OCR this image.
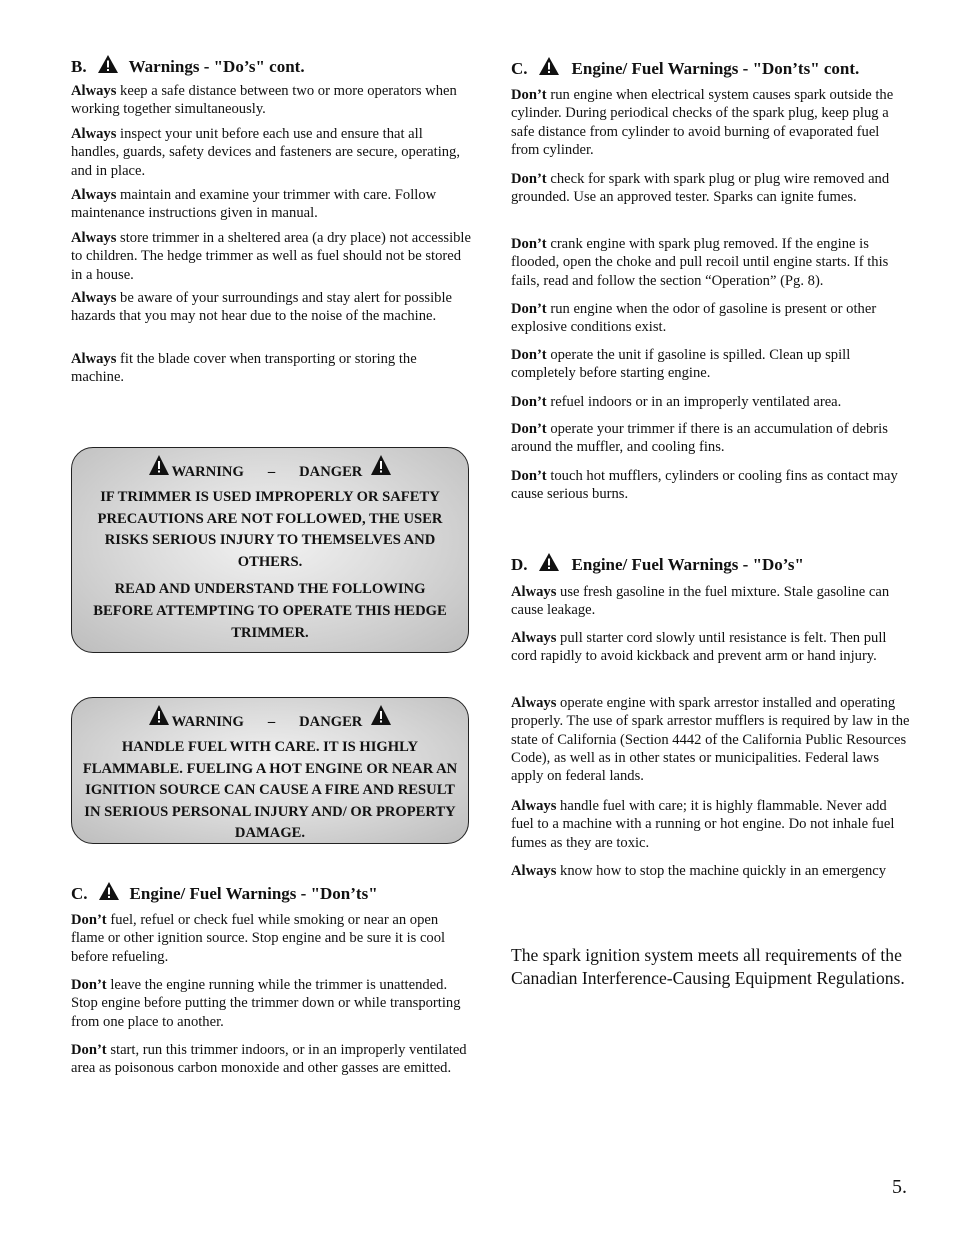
B. Warnings - "Do’s" cont.

Always keep a safe distance between two or more operators when working together simultaneously.

Always inspect your unit before each use and ensure that all handles, guards, safety devices and fasteners are secure, operating, and in place.

Always maintain and examine your trimmer with care. Follow maintenance instructions given in manual.

Always store trimmer in a sheltered area (a dry place) not accessible to children. The hedge trimmer as well as fuel should not be stored in a house.

Always be aware of your surroundings and stay alert for possible hazards that you may not hear due to the noise of the machine.

Always fit the blade cover when transporting or storing the machine.

WARNING – DANGER

IF TRIMMER IS USED IMPROPERLY OR SAFETY PRECAUTIONS ARE NOT FOLLOWED, THE USER RISKS SERIOUS INJURY TO THEMSELVES AND OTHERS.

READ AND UNDERSTAND THE FOLLOWING BEFORE ATTEMPTING TO OPERATE THIS HEDGE TRIMMER.

WARNING – DANGER

HANDLE FUEL WITH CARE. IT IS HIGHLY FLAMMABLE. FUELING A HOT ENGINE OR NEAR AN IGNITION SOURCE CAN CAUSE A FIRE AND RESULT IN SERIOUS PERSONAL INJURY AND/ OR PROPERTY DAMAGE.

C. Engine/ Fuel Warnings - "Don’ts"

Don’t fuel, refuel or check fuel while smoking or near an open flame or other ignition source. Stop engine and be sure it is cool before refueling.

Don’t leave the engine running while the trimmer is unattended. Stop engine before putting the trimmer down or while transporting from one place to another.

Don’t start, run this trimmer indoors, or in an improperly ventilated area as poisonous carbon monoxide and other gasses are emitted.

C.	Engine/ Fuel Warnings - "Don’ts" cont.

Don’t run engine when electrical system causes spark outside the cylinder. During periodical checks of the spark plug, keep plug a safe distance from cylinder to avoid burning of evaporated fuel from cylinder.

Don’t check for spark with spark plug or plug wire removed and grounded. Use an approved tester. Sparks can ignite fumes.

Don’t crank engine with spark plug removed. If the engine is flooded, open the choke and pull recoil until engine starts. If this fails, read and follow the section “Operation” (Pg. 8).

Don’t run engine when the odor of gasoline is present or other explosive conditions exist.

Don’t operate the unit if gasoline is spilled. Clean up spill completely before starting engine.

Don’t refuel indoors or in an improperly ventilated area.

Don’t operate your trimmer if there is an accumulation of debris around the muffler, and cooling fins.

Don’t touch hot mufflers, cylinders or cooling fins as contact may cause serious burns.

D.	Engine/ Fuel Warnings - "Do’s"

Always use fresh gasoline in the fuel mixture. Stale gasoline can cause leakage.

Always pull starter cord slowly until resistance is felt. Then pull cord rapidly to avoid kickback and prevent arm or hand injury.

Always operate engine with spark arrestor installed and operating properly. The use of spark arrestor mufflers is required by law in the state of California (Section 4442 of the California Public Resources Code), as well as in other states or municipalities. Federal laws apply on federal lands.

Always handle fuel with care; it is highly flammable. Never add fuel to a machine with a running or hot engine. Do not inhale fuel fumes as they are toxic.

Always know how to stop the machine quickly in an emergency

The spark ignition system meets all requirements of the Canadian Interference-Causing Equipment Regulations.

5.
